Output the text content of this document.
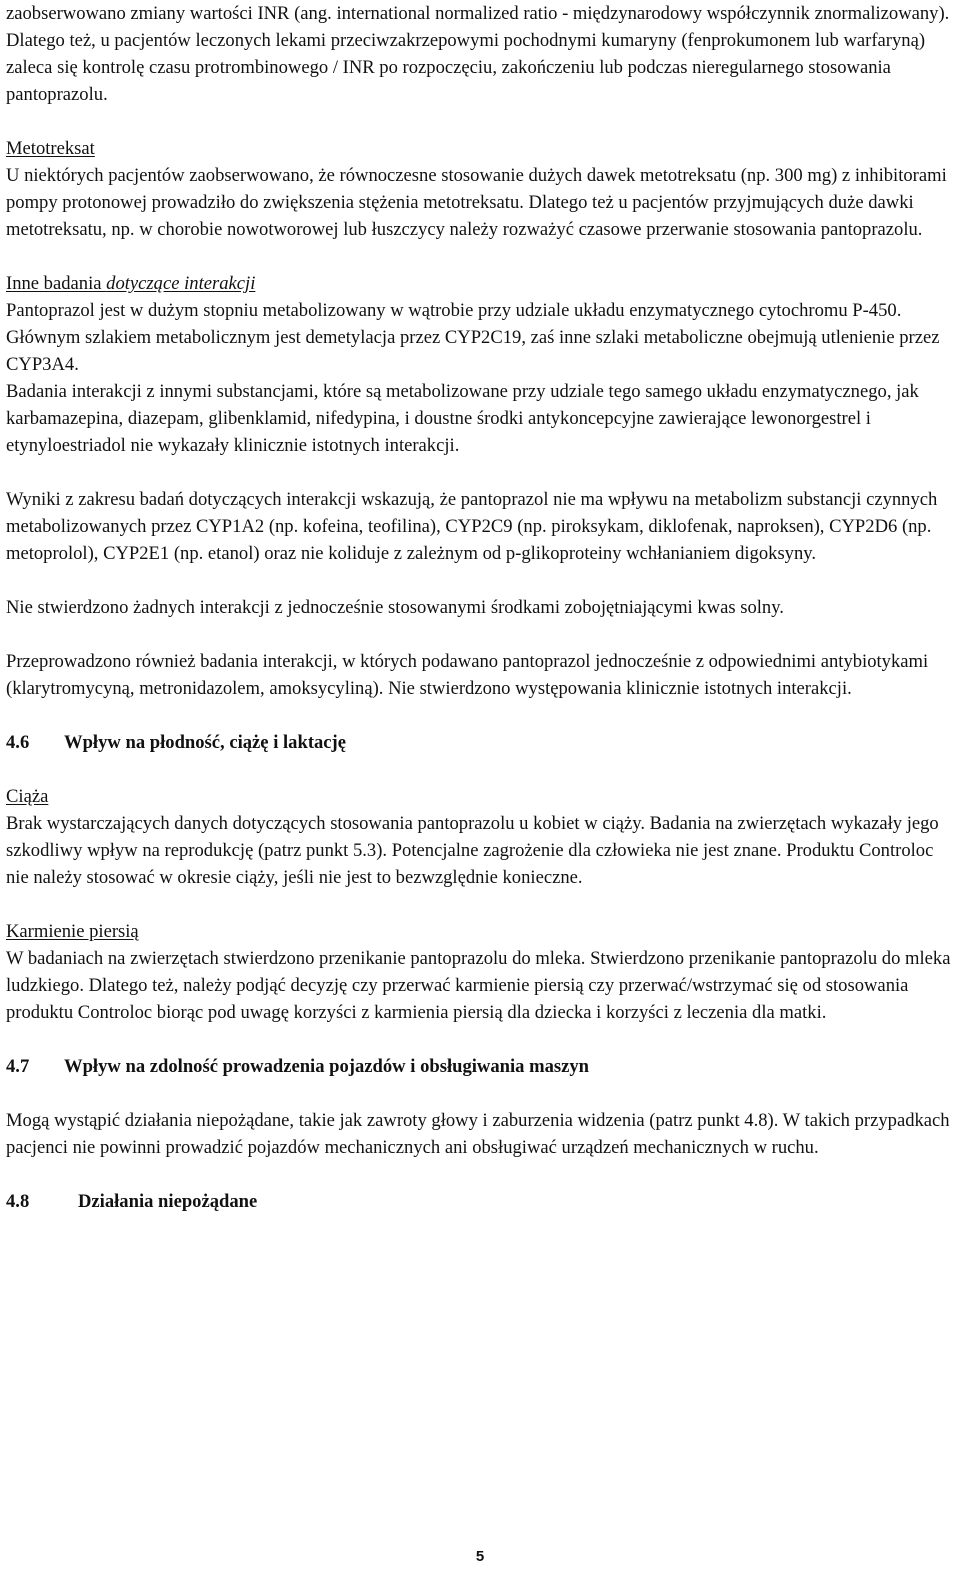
zaobserwowano zmiany wartości INR (ang. international normalized ratio - międzynarodowy współczynnik znormalizowany). Dlatego też, u pacjentów leczonych lekami przeciwzakrzepowymi pochodnymi kumaryny (fenprokumonem lub warfaryną) zaleca się kontrolę czasu protrombinowego / INR po rozpoczęciu, zakończeniu lub podczas nieregularnego stosowania pantoprazolu.

Metotreksat

U niektórych pacjentów zaobserwowano, że równoczesne stosowanie dużych dawek metotreksatu (np. 300 mg) z inhibitorami pompy protonowej prowadziło do zwiększenia stężenia metotreksatu. Dlatego też u pacjentów przyjmujących duże dawki metotreksatu, np. w chorobie nowotworowej lub łuszczycy należy rozważyć czasowe przerwanie stosowania pantoprazolu.

Inne badania dotyczące interakcji

Pantoprazol jest w dużym stopniu metabolizowany w wątrobie przy udziale układu enzymatycznego cytochromu P-450. Głównym szlakiem metabolicznym jest demetylacja przez CYP2C19, zaś inne szlaki metaboliczne obejmują utlenienie przez CYP3A4.

Badania interakcji z innymi substancjami, które są metabolizowane przy udziale tego samego układu enzymatycznego, jak karbamazepina, diazepam, glibenklamid, nifedypina, i doustne środki antykoncepcyjne zawierające lewonorgestrel i etynyloestriadol nie wykazały klinicznie istotnych interakcji.

Wyniki z zakresu badań dotyczących interakcji wskazują, że pantoprazol nie ma wpływu na metabolizm substancji czynnych metabolizowanych przez CYP1A2 (np. kofeina, teofilina), CYP2C9 (np. piroksykam, diklofenak, naproksen), CYP2D6 (np. metoprolol), CYP2E1 (np. etanol) oraz nie koliduje z zależnym od p-glikoproteiny wchłanianiem digoksyny.

Nie stwierdzono żadnych interakcji z jednocześnie stosowanymi środkami zobojętniającymi kwas solny.

Przeprowadzono również badania interakcji, w których podawano pantoprazol jednocześnie z odpowiednimi antybiotykami (klarytromycyną, metronidazolem, amoksycyliną). Nie stwierdzono występowania klinicznie istotnych interakcji.

4.6	Wpływ na płodność, ciążę i laktację

Ciąża

Brak wystarczających danych dotyczących stosowania pantoprazolu u kobiet w ciąży. Badania na zwierzętach wykazały jego szkodliwy wpływ na reprodukcję (patrz punkt 5.3). Potencjalne zagrożenie dla człowieka nie jest znane. Produktu Controloc nie należy stosować w okresie ciąży, jeśli nie jest to bezwzględnie konieczne.

Karmienie piersią

W badaniach na zwierzętach stwierdzono przenikanie pantoprazolu do mleka. Stwierdzono przenikanie pantoprazolu do mleka ludzkiego. Dlatego też, należy podjąć decyzję czy przerwać karmienie piersią czy przerwać/wstrzymać się od stosowania produktu Controloc biorąc pod uwagę korzyści z karmienia piersią dla dziecka i korzyści z leczenia dla matki.

4.7	Wpływ na zdolność prowadzenia pojazdów i obsługiwania maszyn

Mogą wystąpić działania niepożądane, takie jak zawroty głowy i zaburzenia widzenia (patrz punkt 4.8). W takich przypadkach pacjenci nie powinni prowadzić pojazdów mechanicznych ani obsługiwać urządzeń mechanicznych w ruchu.

4.8	Działania niepożądane

5
